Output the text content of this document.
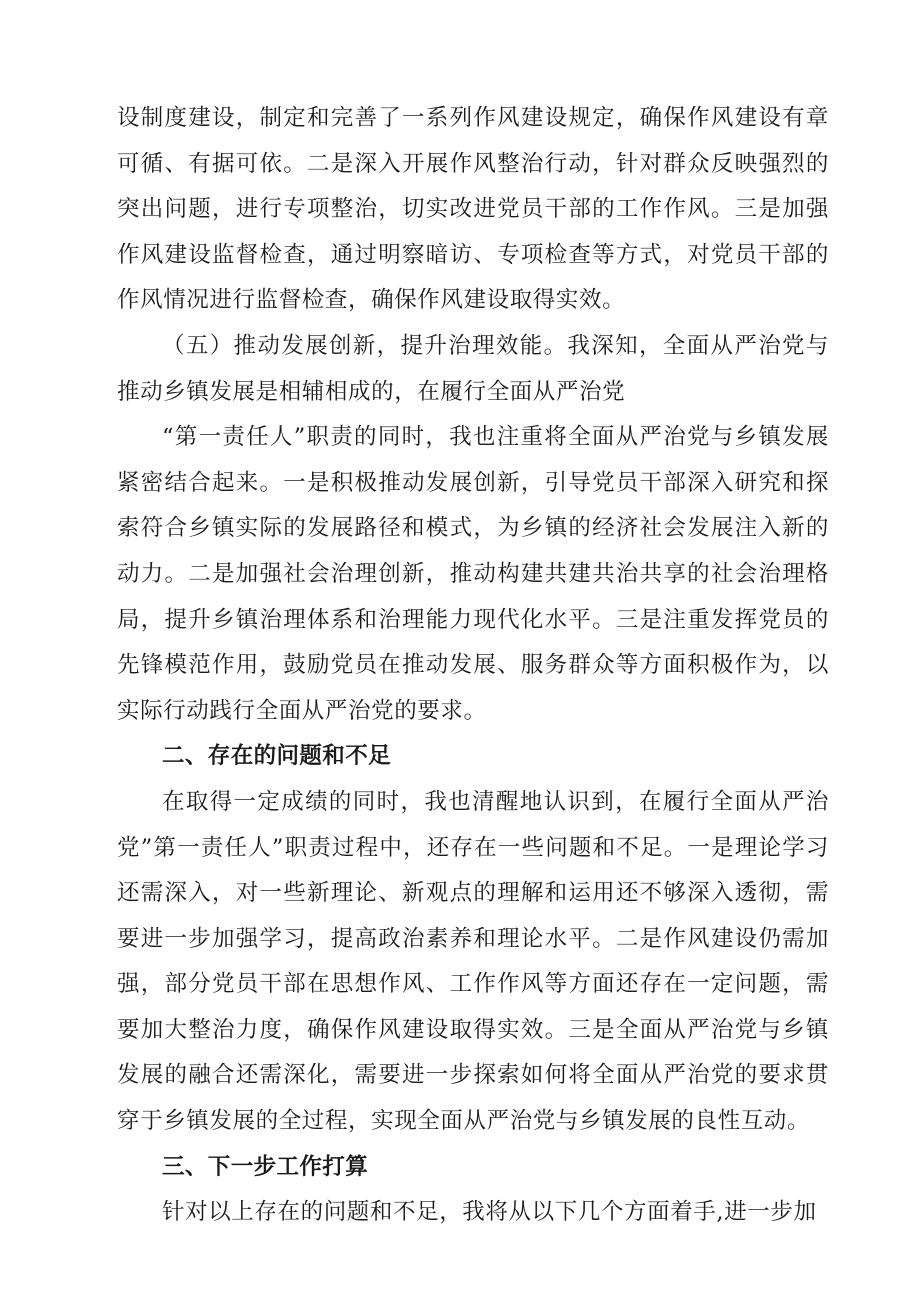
设制度建设，制定和完善了一系列作风建设规定，确保作风建设有章可循、有据可依。二是深入开展作风整治行动，针对群众反映强烈的突出问题，进行专项整治，切实改进党员干部的工作作风。三是加强作风建设监督检查，通过明察暗访、专项检查等方式，对党员干部的作风情况进行监督检查，确保作风建设取得实效。

（五）推动发展创新，提升治理效能。我深知，全面从严治党与推动乡镇发展是相辅相成的，在履行全面从严治党

“第一责任人”职责的同时，我也注重将全面从严治党与乡镇发展紧密结合起来。一是积极推动发展创新，引导党员干部深入研究和探索符合乡镇实际的发展路径和模式，为乡镇的经济社会发展注入新的动力。二是加强社会治理创新，推动构建共建共治共享的社会治理格局，提升乡镇治理体系和治理能力现代化水平。三是注重发挥党员的先锋模范作用，鼓励党员在推动发展、服务群众等方面积极作为，以实际行动践行全面从严治党的要求。

二、存在的问题和不足

在取得一定成绩的同时，我也清醒地认识到，在履行全面从严治党”第一责任人”职责过程中，还存在一些问题和不足。一是理论学习还需深入，对一些新理论、新观点的理解和运用还不够深入透彻，需要进一步加强学习，提高政治素养和理论水平。二是作风建设仍需加强，部分党员干部在思想作风、工作作风等方面还存在一定问题，需要加大整治力度，确保作风建设取得实效。三是全面从严治党与乡镇发展的融合还需深化，需要进一步探索如何将全面从严治党的要求贯穿于乡镇发展的全过程，实现全面从严治党与乡镇发展的良性互动。

三、下一步工作打算

针对以上存在的问题和不足，我将从以下几个方面着手,进一步加
